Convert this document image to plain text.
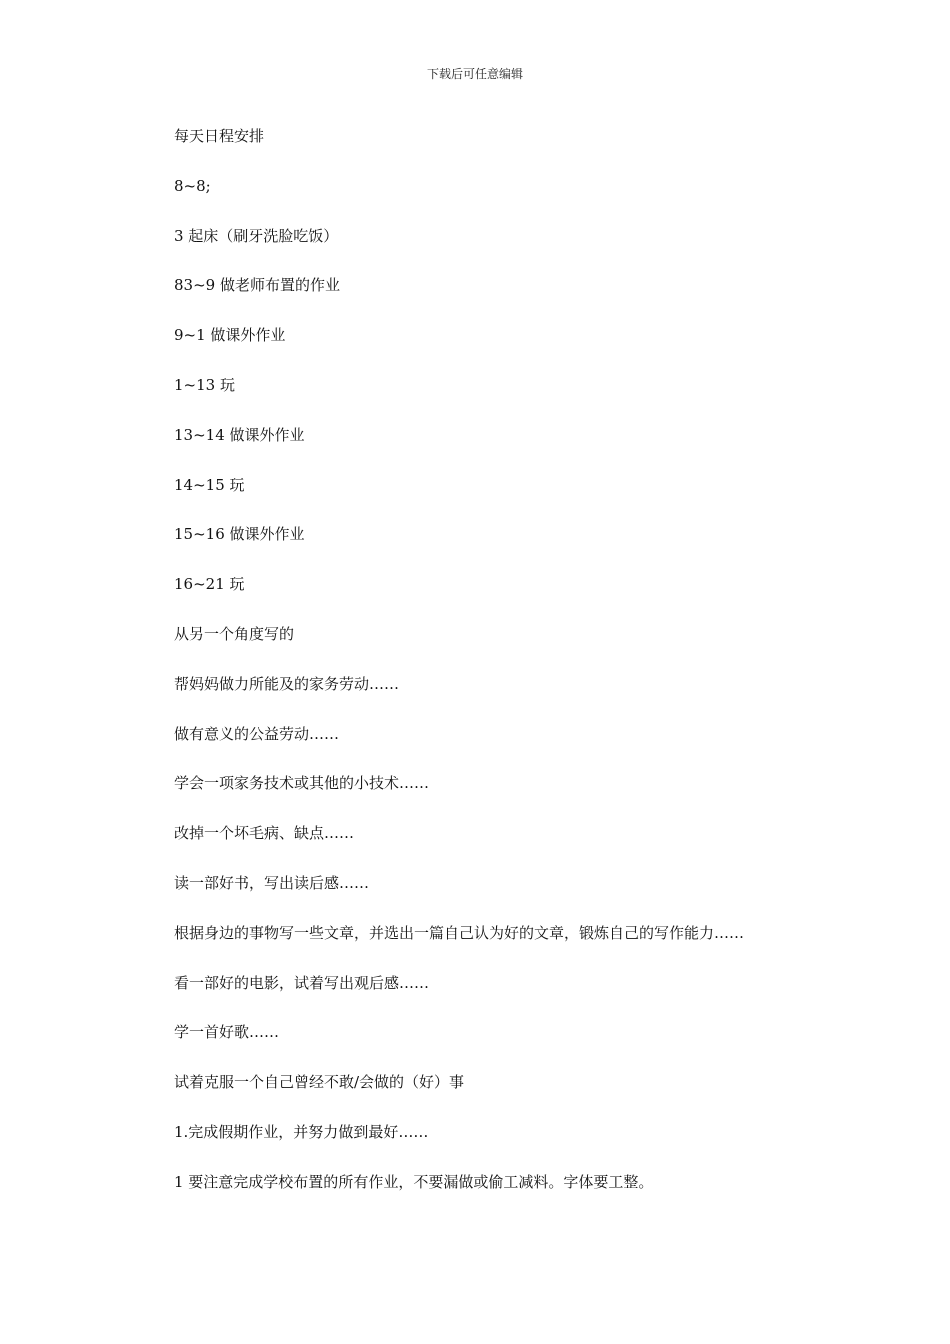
下载后可任意编辑
每天日程安排
8~8;
3 起床（刷牙洗脸吃饭）
83~9 做老师布置的作业
9~1 做课外作业
1~13 玩
13~14 做课外作业
14~15 玩
15~16 做课外作业
16~21 玩
从另一个角度写的
帮妈妈做力所能及的家务劳动……
做有意义的公益劳动……
学会一项家务技术或其他的小技术……
改掉一个坏毛病、缺点……
读一部好书，写出读后感……
根据身边的事物写一些文章，并选出一篇自己认为好的文章，锻炼自己的写作能力……
看一部好的电影，试着写出观后感……
学一首好歌……
试着克服一个自己曾经不敢/会做的（好）事
1.完成假期作业，并努力做到最好……
1 要注意完成学校布置的所有作业，不要漏做或偷工减料。字体要工整。
